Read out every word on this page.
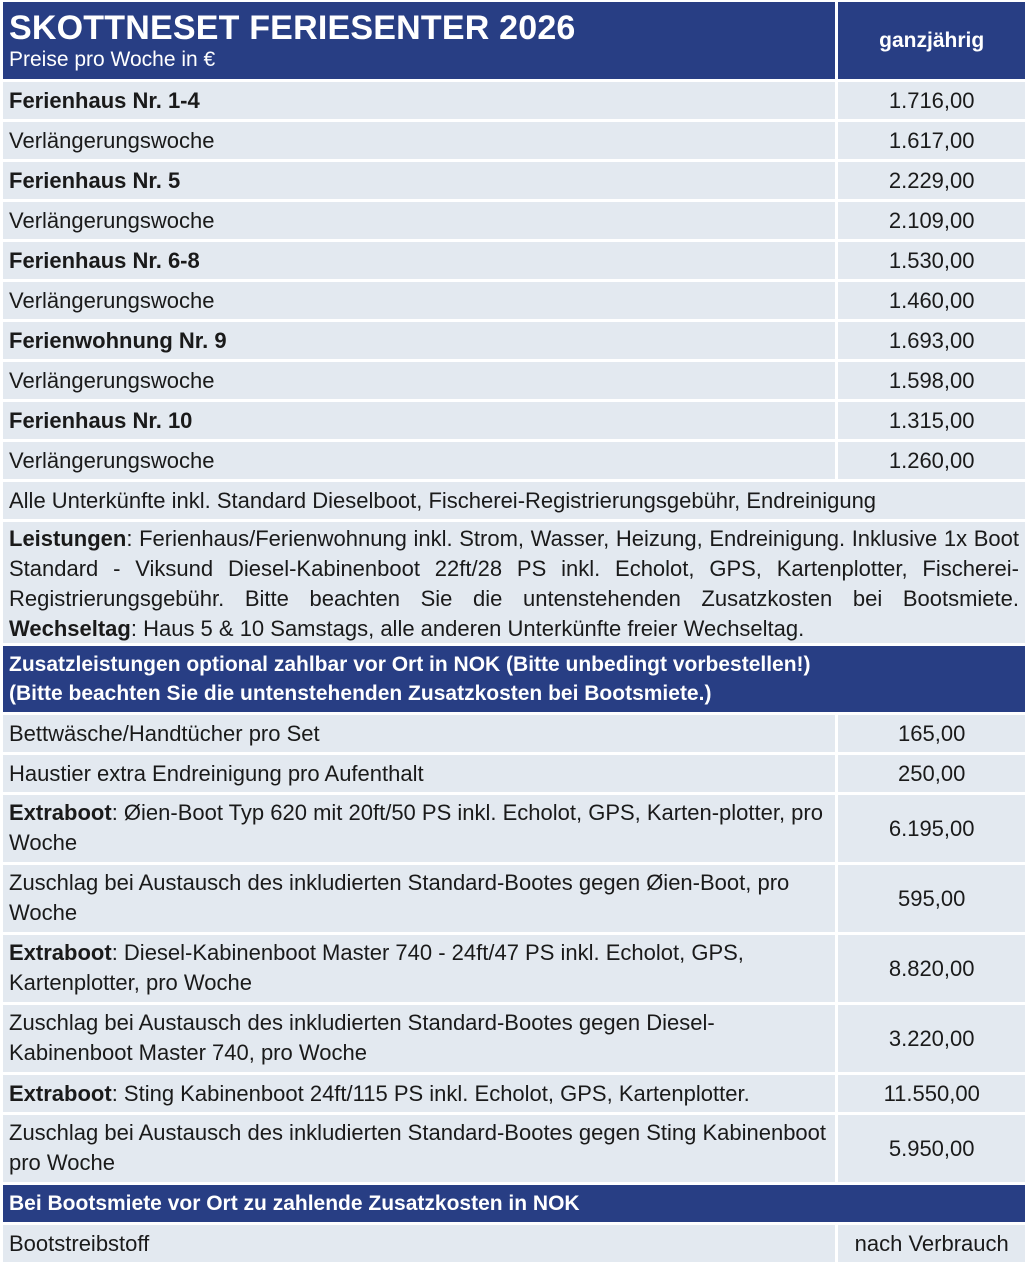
SKOTTNESET FERIESENTER 2026
Preise pro Woche in €
ganzjährig
Ferienhaus Nr. 1-4	1.716,00
Verlängerungswoche	1.617,00
Ferienhaus Nr. 5	2.229,00
Verlängerungswoche	2.109,00
Ferienhaus Nr. 6-8	1.530,00
Verlängerungswoche	1.460,00
Ferienwohnung Nr. 9	1.693,00
Verlängerungswoche	1.598,00
Ferienhaus Nr. 10	1.315,00
Verlängerungswoche	1.260,00
Alle Unterkünfte inkl. Standard Dieselboot, Fischerei-Registrierungsgebühr, Endreinigung
Leistungen: Ferienhaus/Ferienwohnung inkl. Strom, Wasser, Heizung, Endreinigung. Inklusive 1x Boot Standard - Viksund Diesel-Kabinenboot 22ft/28 PS inkl. Echolot, GPS, Kartenplotter, Fischerei-Registrierungsgebühr. Bitte beachten Sie die untenstehenden Zusatzkosten bei Bootsmiete. Wechseltag: Haus 5 & 10 Samstags, alle anderen Unterkünfte freier Wechseltag.
Zusatzleistungen optional zahlbar vor Ort in NOK (Bitte unbedingt vorbestellen!)
(Bitte beachten Sie die untenstehenden Zusatzkosten bei Bootsmiete.)
Bettwäsche/Handtücher pro Set	165,00
Haustier extra Endreinigung pro Aufenthalt	250,00
Extraboot: Øien-Boot Typ 620 mit 20ft/50 PS inkl. Echolot, GPS, Karten-plotter, pro Woche
6.195,00
Zuschlag bei Austausch des inkludierten Standard-Bootes gegen Øien-Boot, pro Woche
595,00
Extraboot: Diesel-Kabinenboot Master 740 - 24ft/47 PS inkl. Echolot, GPS, Kartenplotter, pro Woche
8.820,00
Zuschlag bei Austausch des inkludierten Standard-Bootes gegen Diesel-Kabinenboot Master 740, pro Woche
3.220,00
Extraboot : Sting Kabinenboot 24ft/115 PS inkl. Echolot, GPS, Kartenplotter.	11.550,00
Zuschlag bei Austausch des inkludierten Standard-Bootes gegen Sting Kabinenboot  pro Woche
5.950,00
Bei Bootsmiete vor Ort zu zahlende Zusatzkosten in NOK
Bootstreibstoff	nach Verbrauch
